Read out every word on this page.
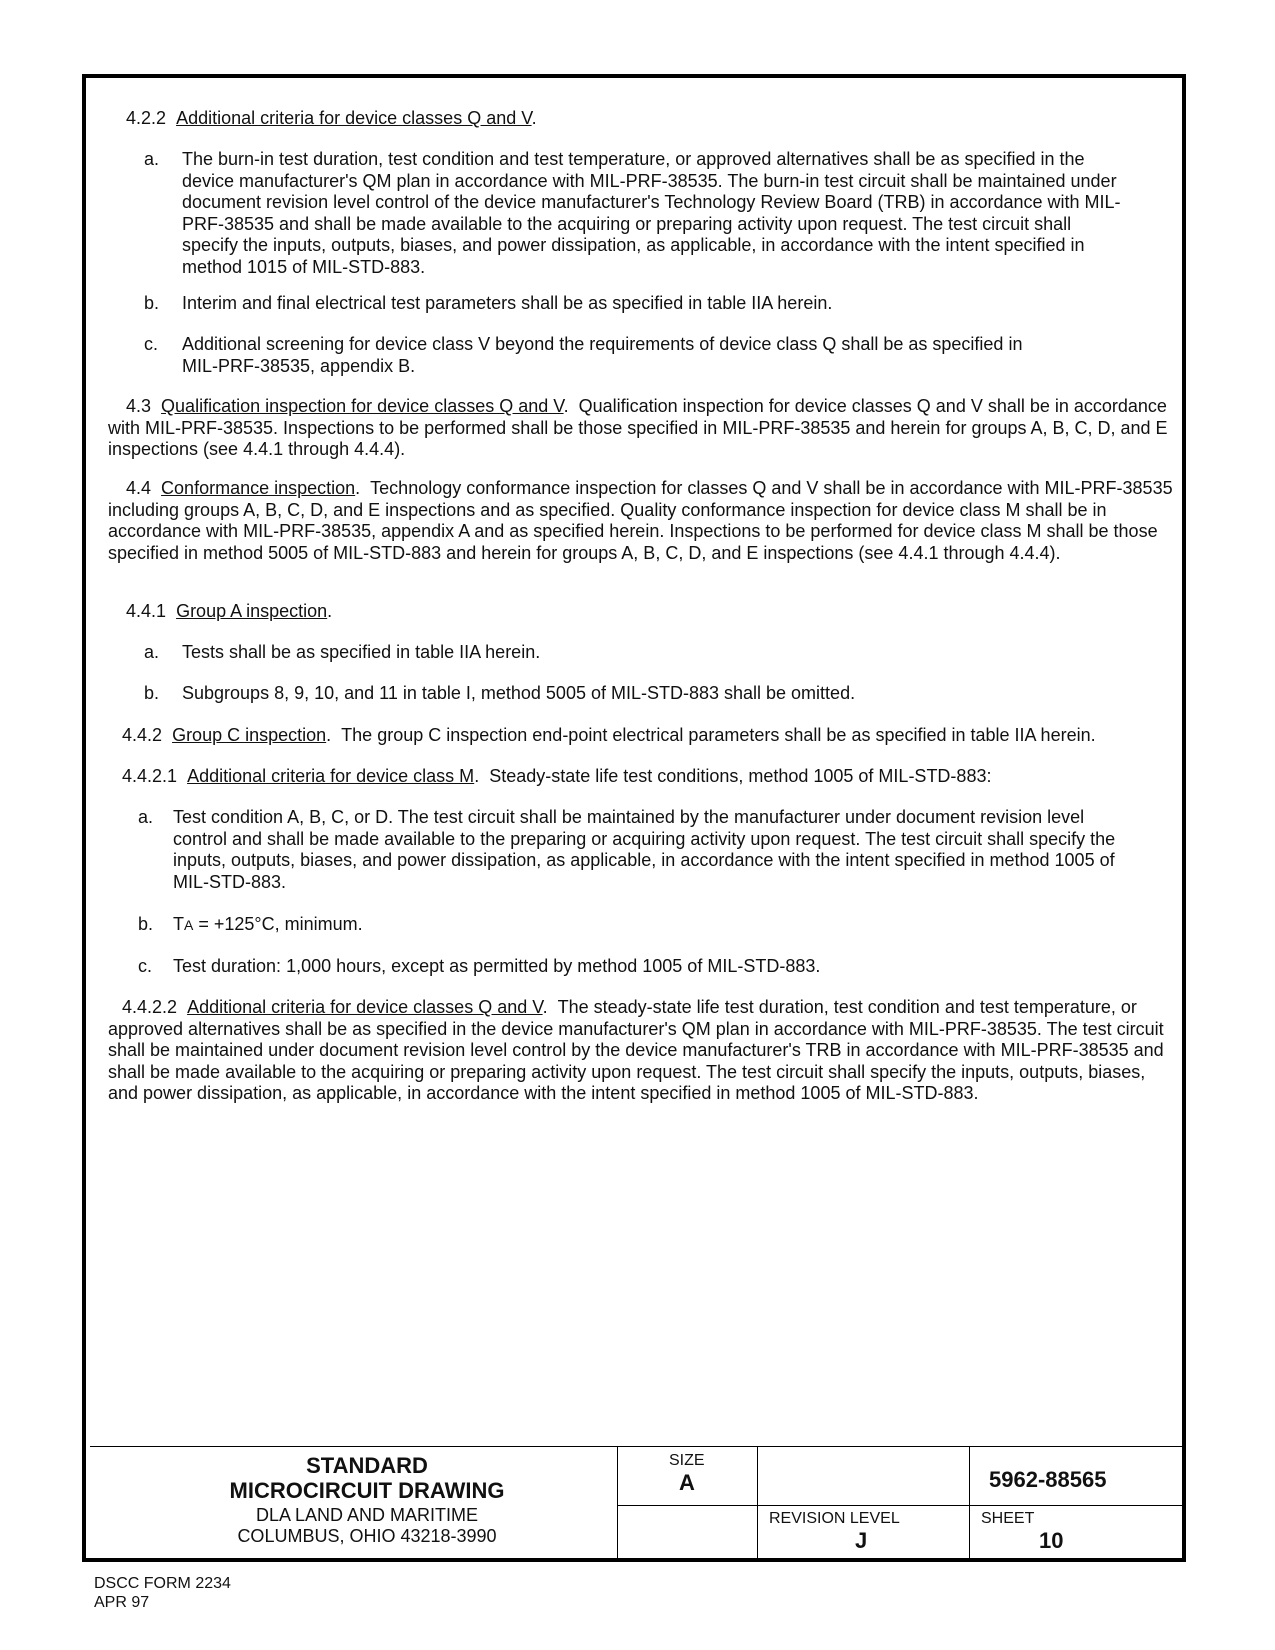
4.2.2 Additional criteria for device classes Q and V.

a.	The burn-in test duration, test condition and test temperature, or approved alternatives shall be as specified in the device manufacturer's QM plan in accordance with MIL-PRF-38535. The burn-in test circuit shall be maintained under document revision level control of the device manufacturer's Technology Review Board (TRB) in accordance with MIL-PRF-38535 and shall be made available to the acquiring or preparing activity upon request. The test circuit shall specify the inputs, outputs, biases, and power dissipation, as applicable, in accordance with the intent specified in method 1015 of MIL-STD-883.
b.	Interim and final electrical test parameters shall be as specified in table IIA herein.
c.	Additional screening for device class V beyond the requirements of device class Q shall be as specified in MIL-PRF-38535, appendix B.

4.3 Qualification inspection for device classes Q and V.  Qualification inspection for device classes Q and V shall be in accordance with MIL-PRF-38535. Inspections to be performed shall be those specified in MIL-PRF-38535 and herein for groups A, B, C, D, and E inspections (see 4.4.1 through 4.4.4).

4.4 Conformance inspection.  Technology conformance inspection for classes Q and V shall be in accordance with MIL-PRF-38535 including groups A, B, C, D, and E inspections and as specified. Quality conformance inspection for device class M shall be in accordance with MIL-PRF-38535, appendix A and as specified herein. Inspections to be performed for device class M shall be those specified in method 5005 of MIL-STD-883 and herein for groups A, B, C, D, and E inspections (see 4.4.1 through 4.4.4).

4.4.1 Group A inspection.

a.	Tests shall be as specified in table IIA herein.
b.	Subgroups 8, 9, 10, and 11 in table I, method 5005 of MIL-STD-883 shall be omitted.

4.4.2 Group C inspection.  The group C inspection end-point electrical parameters shall be as specified in table IIA herein.

4.4.2.1 Additional criteria for device class M.  Steady-state life test conditions, method 1005 of MIL-STD-883:

a.	Test condition A, B, C, or D. The test circuit shall be maintained by the manufacturer under document revision level control and shall be made available to the preparing or acquiring activity upon request. The test circuit shall specify the inputs, outputs, biases, and power dissipation, as applicable, in accordance with the intent specified in method 1005 of MIL-STD-883.
b.	TA = +125°C, minimum.
c.	Test duration: 1,000 hours, except as permitted by method 1005 of MIL-STD-883.

4.4.2.2 Additional criteria for device classes Q and V.  The steady-state life test duration, test condition and test temperature, or approved alternatives shall be as specified in the device manufacturer's QM plan in accordance with MIL-PRF-38535. The test circuit shall be maintained under document revision level control by the device manufacturer's TRB in accordance with MIL-PRF-38535 and shall be made available to the acquiring or preparing activity upon request. The test circuit shall specify the inputs, outputs, biases, and power dissipation, as applicable, in accordance with the intent specified in method 1005 of MIL-STD-883.

STANDARD
MICROCIRCUIT DRAWING
DLA LAND AND MARITIME
COLUMBUS, OHIO 43218-3990
SIZE
A	5962-88565
REVISION LEVEL
J
SHEET
10
DSCC FORM 2234
APR 97
